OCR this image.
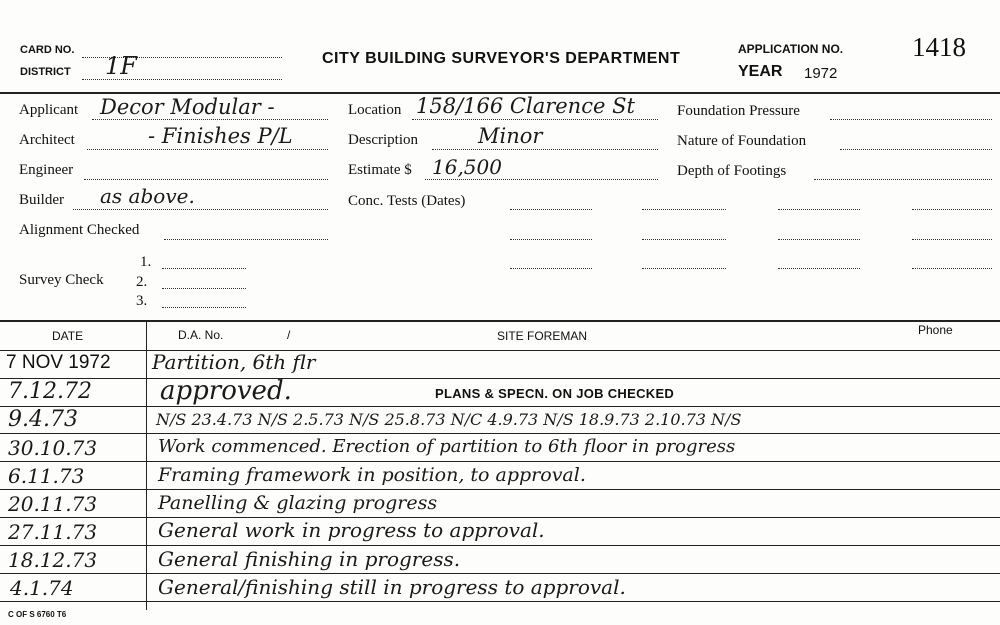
CARD NO.
DISTRICT 1F	CITY BUILDING SURVEYOR'S DEPARTMENT
APPLICATION NO.	1418
YEAR 1972
Applicant Decor Modular -
Architect	- Finishes P/L
Engineer
Builder as above.
Alignment Checked
Survey Check
1.
2.
3.
Location 158/166 Clarence St
Description	Minor
Estimate $ 16,500
Conc. Tests (Dates)
Foundation Pressure
Nature of Foundation
Depth of Footings
DATE	D.A. No.	/	SITE FOREMAN	Phone
7 NOV 1972 Partition, 6th flr
7.12.72	approved.	PLANS & SPECN. ON JOB CHECKED
9.4.73	N/S 23.4.73 N/S 2.5.73 N/S 25.8.73 N/C 4.9.73 N/S 18.9.73 2.10.73 N/S
30.10.73	Work commenced. Erection of partition to 6th floor in progress
6.11.73	Framing framework in position, to approval.
20.11.73	Panelling & glazing progress
27.11.73	General work in progress to approval.
18.12.73	General finishing in progress.
4.1.74	General/finishing still in progress to approval.
C OF S 6760 T6
